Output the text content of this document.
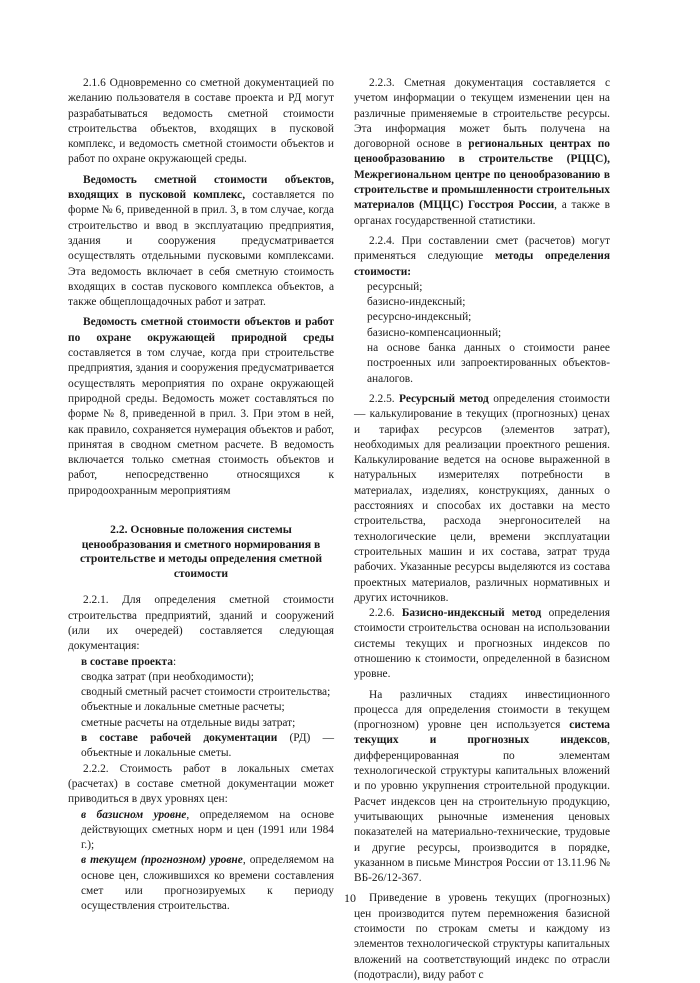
2.1.6 Одновременно со сметной документацией по желанию пользователя в составе проекта и РД могут разрабатываться ведомость сметной стоимости строительства объектов, входящих в пусковой комплекс, и ведомость сметной стоимости объектов и работ по охране окружающей среды.

Ведомость сметной стоимости объектов, входящих в пусковой комплекс, составляется по форме № 6, приведенной в прил. 3, в том случае, когда строительство и ввод в эксплуатацию предприятия, здания и сооружения предусматривается осуществлять отдельными пусковыми комплексами. Эта ведомость включает в себя сметную стоимость входящих в состав пускового комплекса объектов, а также общеплощадочных работ и затрат.

Ведомость сметной стоимости объектов и работ по охране окружающей природной среды составляется в том случае, когда при строительстве предприятия, здания и сооружения предусматривается осуществлять мероприятия по охране окружающей природной среды. Ведомость может составляться по форме № 8, приведенной в прил. 3. При этом в ней, как правило, сохраняется нумерация объектов и работ, принятая в сводном сметном расчете. В ведомость включается только сметная стоимость объектов и работ, непосредственно относящихся к природоохранным мероприятиям

2.2. Основные положения системы ценообразования и сметного нормирования в строительстве и методы определения сметной стоимости

2.2.1. Для определения сметной стоимости строительства предприятий, зданий и сооружений (или их очередей) составляется следующая документация:

в составе проекта:

сводка затрат (при необходимости);

сводный сметный расчет стоимости строительства;

объектные и локальные сметные расчеты;

сметные расчеты на отдельные виды затрат;

в составе рабочей документации (РД) — объектные и локальные сметы.

2.2.2. Стоимость работ в локальных сметах (расчетах) в составе сметной документации может приводиться в двух уровнях цен:

в базисном уровне, определяемом на основе действующих сметных норм и цен (1991 или 1984 г.);

в текущем (прогнозном) уровне, определяемом на основе цен, сложившихся ко времени составления смет или прогнозируемых к периоду осуществления строительства.

2.2.3. Сметная документация составляется с учетом информации о текущем изменении цен на различные применяемые в строительстве ресурсы. Эта информация может быть получена на договорной основе в региональных центрах по ценообразованию в строительстве (РЦЦС), Межрегиональном центре по ценообразованию в строительстве и промышленности строительных материалов (МЦЦС) Госстроя России, а также в органах государственной статистики.

2.2.4. При составлении смет (расчетов) могут применяться следующие методы определения стоимости:

ресурсный;

базисно-индексный;

ресурсно-индексный;

базисно-компенсационный;

на основе банка данных о стоимости ранее построенных или запроектированных объектов-аналогов.

2.2.5. Ресурсный метод определения стоимости — калькулирование в текущих (прогнозных) ценах и тарифах ресурсов (элементов затрат), необходимых для реализации проектного решения. Калькулирование ведется на основе выраженной в натуральных измерителях потребности в материалах, изделиях, конструкциях, данных о расстояниях и способах их доставки на место строительства, расхода энергоносителей на технологические цели, времени эксплуатации строительных машин и их состава, затрат труда рабочих. Указанные ресурсы выделяются из состава проектных материалов, различных нормативных и других источников.

2.2.6. Базисно-индексный метод определения стоимости строительства основан на использовании системы текущих и прогнозных индексов по отношению к стоимости, определенной в базисном уровне.

На различных стадиях инвестиционного процесса для определения стоимости в текущем (прогнозном) уровне цен используется система текущих и прогнозных индексов, дифференцированная по элементам технологической структуры капитальных вложений и по уровню укрупнения строительной продукции. Расчет индексов цен на строительную продукцию, учитывающих рыночные изменения ценовых показателей на материально-технические, трудовые и другие ресурсы, производится в порядке, указанном в письме Минстроя России от 13.11.96 № ВБ-26/12-367.

Приведение в уровень текущих (прогнозных) цен производится путем перемножения базисной стоимости по строкам сметы и каждому из элементов технологической структуры капитальных вложений на соответствующий индекс по отрасли (подотрасли), виду работ с

10
